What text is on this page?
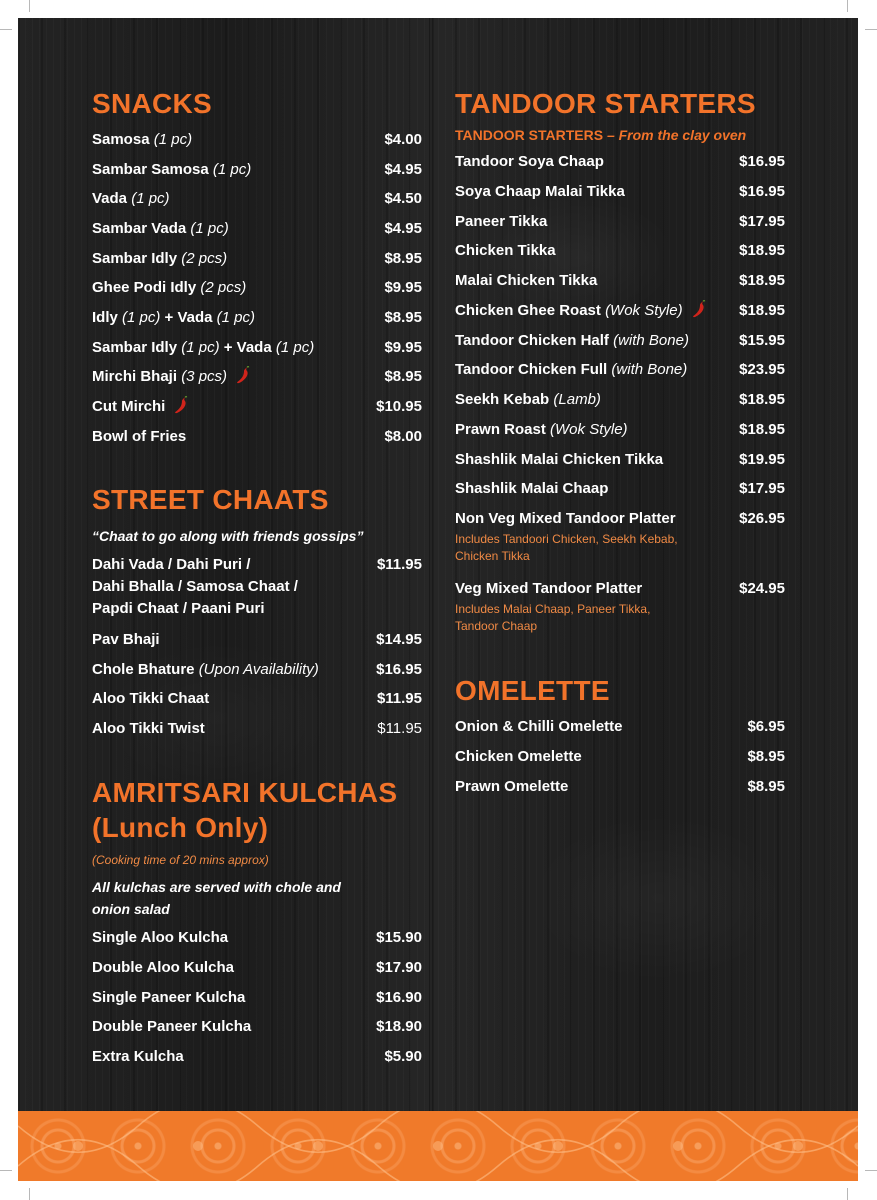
SNACKS
Samosa (1 pc)	$4.00
Sambar Samosa (1 pc)	$4.95
Vada (1 pc)	$4.50
Sambar Vada (1 pc)	$4.95
Sambar Idly (2 pcs)	$8.95
Ghee Podi Idly (2 pcs)	$9.95
Idly (1 pc) + Vada (1 pc)	$8.95
Sambar Idly (1 pc) + Vada (1 pc)	$9.95
Mirchi Bhaji (3 pcs)	$8.95
Cut Mirchi	$10.95
Bowl of Fries	$8.00
STREET CHAATS
“Chaat to go along with friends gossips”
Dahi Vada / Dahi Puri /
Dahi Bhalla / Samosa Chaat /
Papdi Chaat / Paani Puri
$11.95
Pav Bhaji	$14.95
Chole Bhature (Upon Availability)	$16.95
Aloo Tikki Chaat	$11.95
Aloo Tikki Twist	$11.95
AMRITSARI KULCHAS
(Lunch Only)
(Cooking time of 20 mins approx)
All kulchas are served with chole and onion salad
Single Aloo Kulcha	$15.90
Double Aloo Kulcha	$17.90
Single Paneer Kulcha	$16.90
Double Paneer Kulcha	$18.90
Extra Kulcha	$5.90
TANDOOR STARTERS
TANDOOR STARTERS – From the clay oven
Tandoor Soya Chaap	$16.95
Soya Chaap Malai Tikka	$16.95
Paneer Tikka	$17.95
Chicken Tikka	$18.95
Malai Chicken Tikka	$18.95
Chicken Ghee Roast (Wok Style)	$18.95
Tandoor Chicken Half (with Bone)	$15.95
Tandoor Chicken Full (with Bone)	$23.95
Seekh Kebab (Lamb)	$18.95
Prawn Roast (Wok Style)	$18.95
Shashlik Malai Chicken Tikka	$19.95
Shashlik Malai Chaap	$17.95
Non Veg Mixed Tandoor Platter
Includes Tandoori Chicken, Seekh Kebab, Chicken Tikka
$26.95
Veg Mixed Tandoor Platter
Includes Malai Chaap, Paneer Tikka, Tandoor Chaap
$24.95
OMELETTE
Onion & Chilli Omelette	$6.95
Chicken Omelette	$8.95
Prawn Omelette	$8.95
